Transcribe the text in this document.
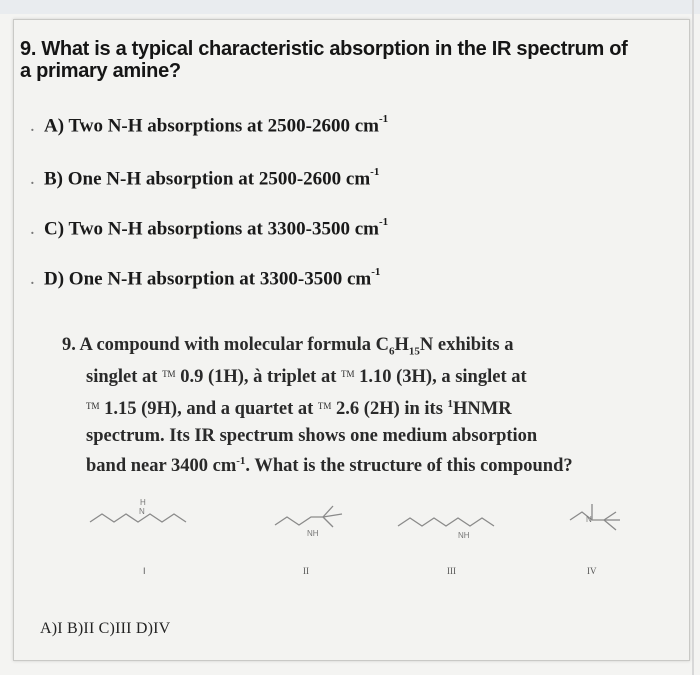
9. What is a typical characteristic absorption in the IR spectrum of
a primary amine?
. A) Two N-H absorptions at 2500-2600 $cm^{-1}$
. B) One N-H absorption at 2500-2600 $cm^{-1}$
. C) Two N-H absorptions at 3300-3500 $cm^{-1}$
. D) One N-H absorption at 3300-3500 $cm^{-1}$
9. A compound with molecular formula $C_6H_{15}N$ exhibits a
singlet at ™ 0.9 (1H), à triplet at ™ 1.10 (3H), a singlet at
™ 1.15 (9H), and a quartet at ™ 2.6 (2H) in its $^1$HNMR
spectrum. Its IR spectrum shows one medium absorption
band near 3400 $cm^{-1}$. What is the structure of this compound?
N
H
I
NH
II
NH
III
N
IV
A)I B)II C)III D)IV
